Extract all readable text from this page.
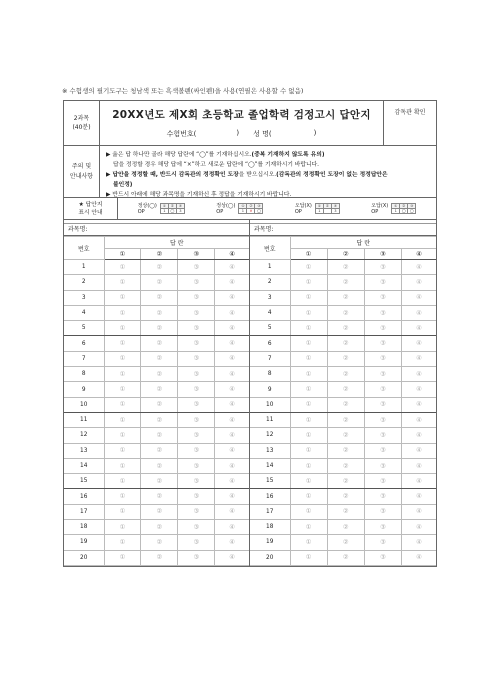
※ 수험생의 필기도구는 청남색 또는 흑색볼펜(싸인펜)을 사용(연필은 사용할 수 없음)
2과목
(40분)
20XX년도 제X회 초등학교 졸업학력 검정고시 답안지
수험번호(	) 성 명(	)
감독관 확인
주의 및
안내사항
▶ 옳은 답 하나만 골라 해당 답란에 “◯”를 기재하십시오.(중복 기재하지 않도록 유의)
답을 정정할 경우 해당 답에 “×”하고 새로운 답란에 “◯”를 기재하시기 바랍니다.
▶ 답안을 정정할 때, 반드시 감독관의 정정확인 도장을 받으십시오.(감독관의 정정확인 도장이 없는 정정답안은
불인정)
▶ 반드시 아래에 해당 과목명을 기재하신 후 정답을 기재하시기 바랍니다.
★ 답안지
표시 안내
정상(◯)
OP
①	②	③
1	◯	3
정상(◯)
OP
①	②	③
1	✕	◯
오답(X)
OP
①	②	③
1		3
오답(X)
OP
①	②	③
1	◯	◯
과목명:
번호	답 란			
	①	②	③	④
1	①	②	③	④
2	①	②	③	④
3	①	②	③	④
4	①	②	③	④
5	①	②	③	④
6	①	②	③	④
7	①	②	③	④
8	①	②	③	④
9	①	②	③	④
10	①	②	③	④
11	①	②	③	④
12	①	②	③	④
13	①	②	③	④
14	①	②	③	④
15	①	②	③	④
16	①	②	③	④
17	①	②	③	④
18	①	②	③	④
19	①	②	③	④
20	①	②	③	④
과목명:
번호	답 란			
	①	②	③	④
1	①	②	③	④
2	①	②	③	④
3	①	②	③	④
4	①	②	③	④
5	①	②	③	④
6	①	②	③	④
7	①	②	③	④
8	①	②	③	④
9	①	②	③	④
10	①	②	③	④
11	①	②	③	④
12	①	②	③	④
13	①	②	③	④
14	①	②	③	④
15	①	②	③	④
16	①	②	③	④
17	①	②	③	④
18	①	②	③	④
19	①	②	③	④
20	①	②	③	④
